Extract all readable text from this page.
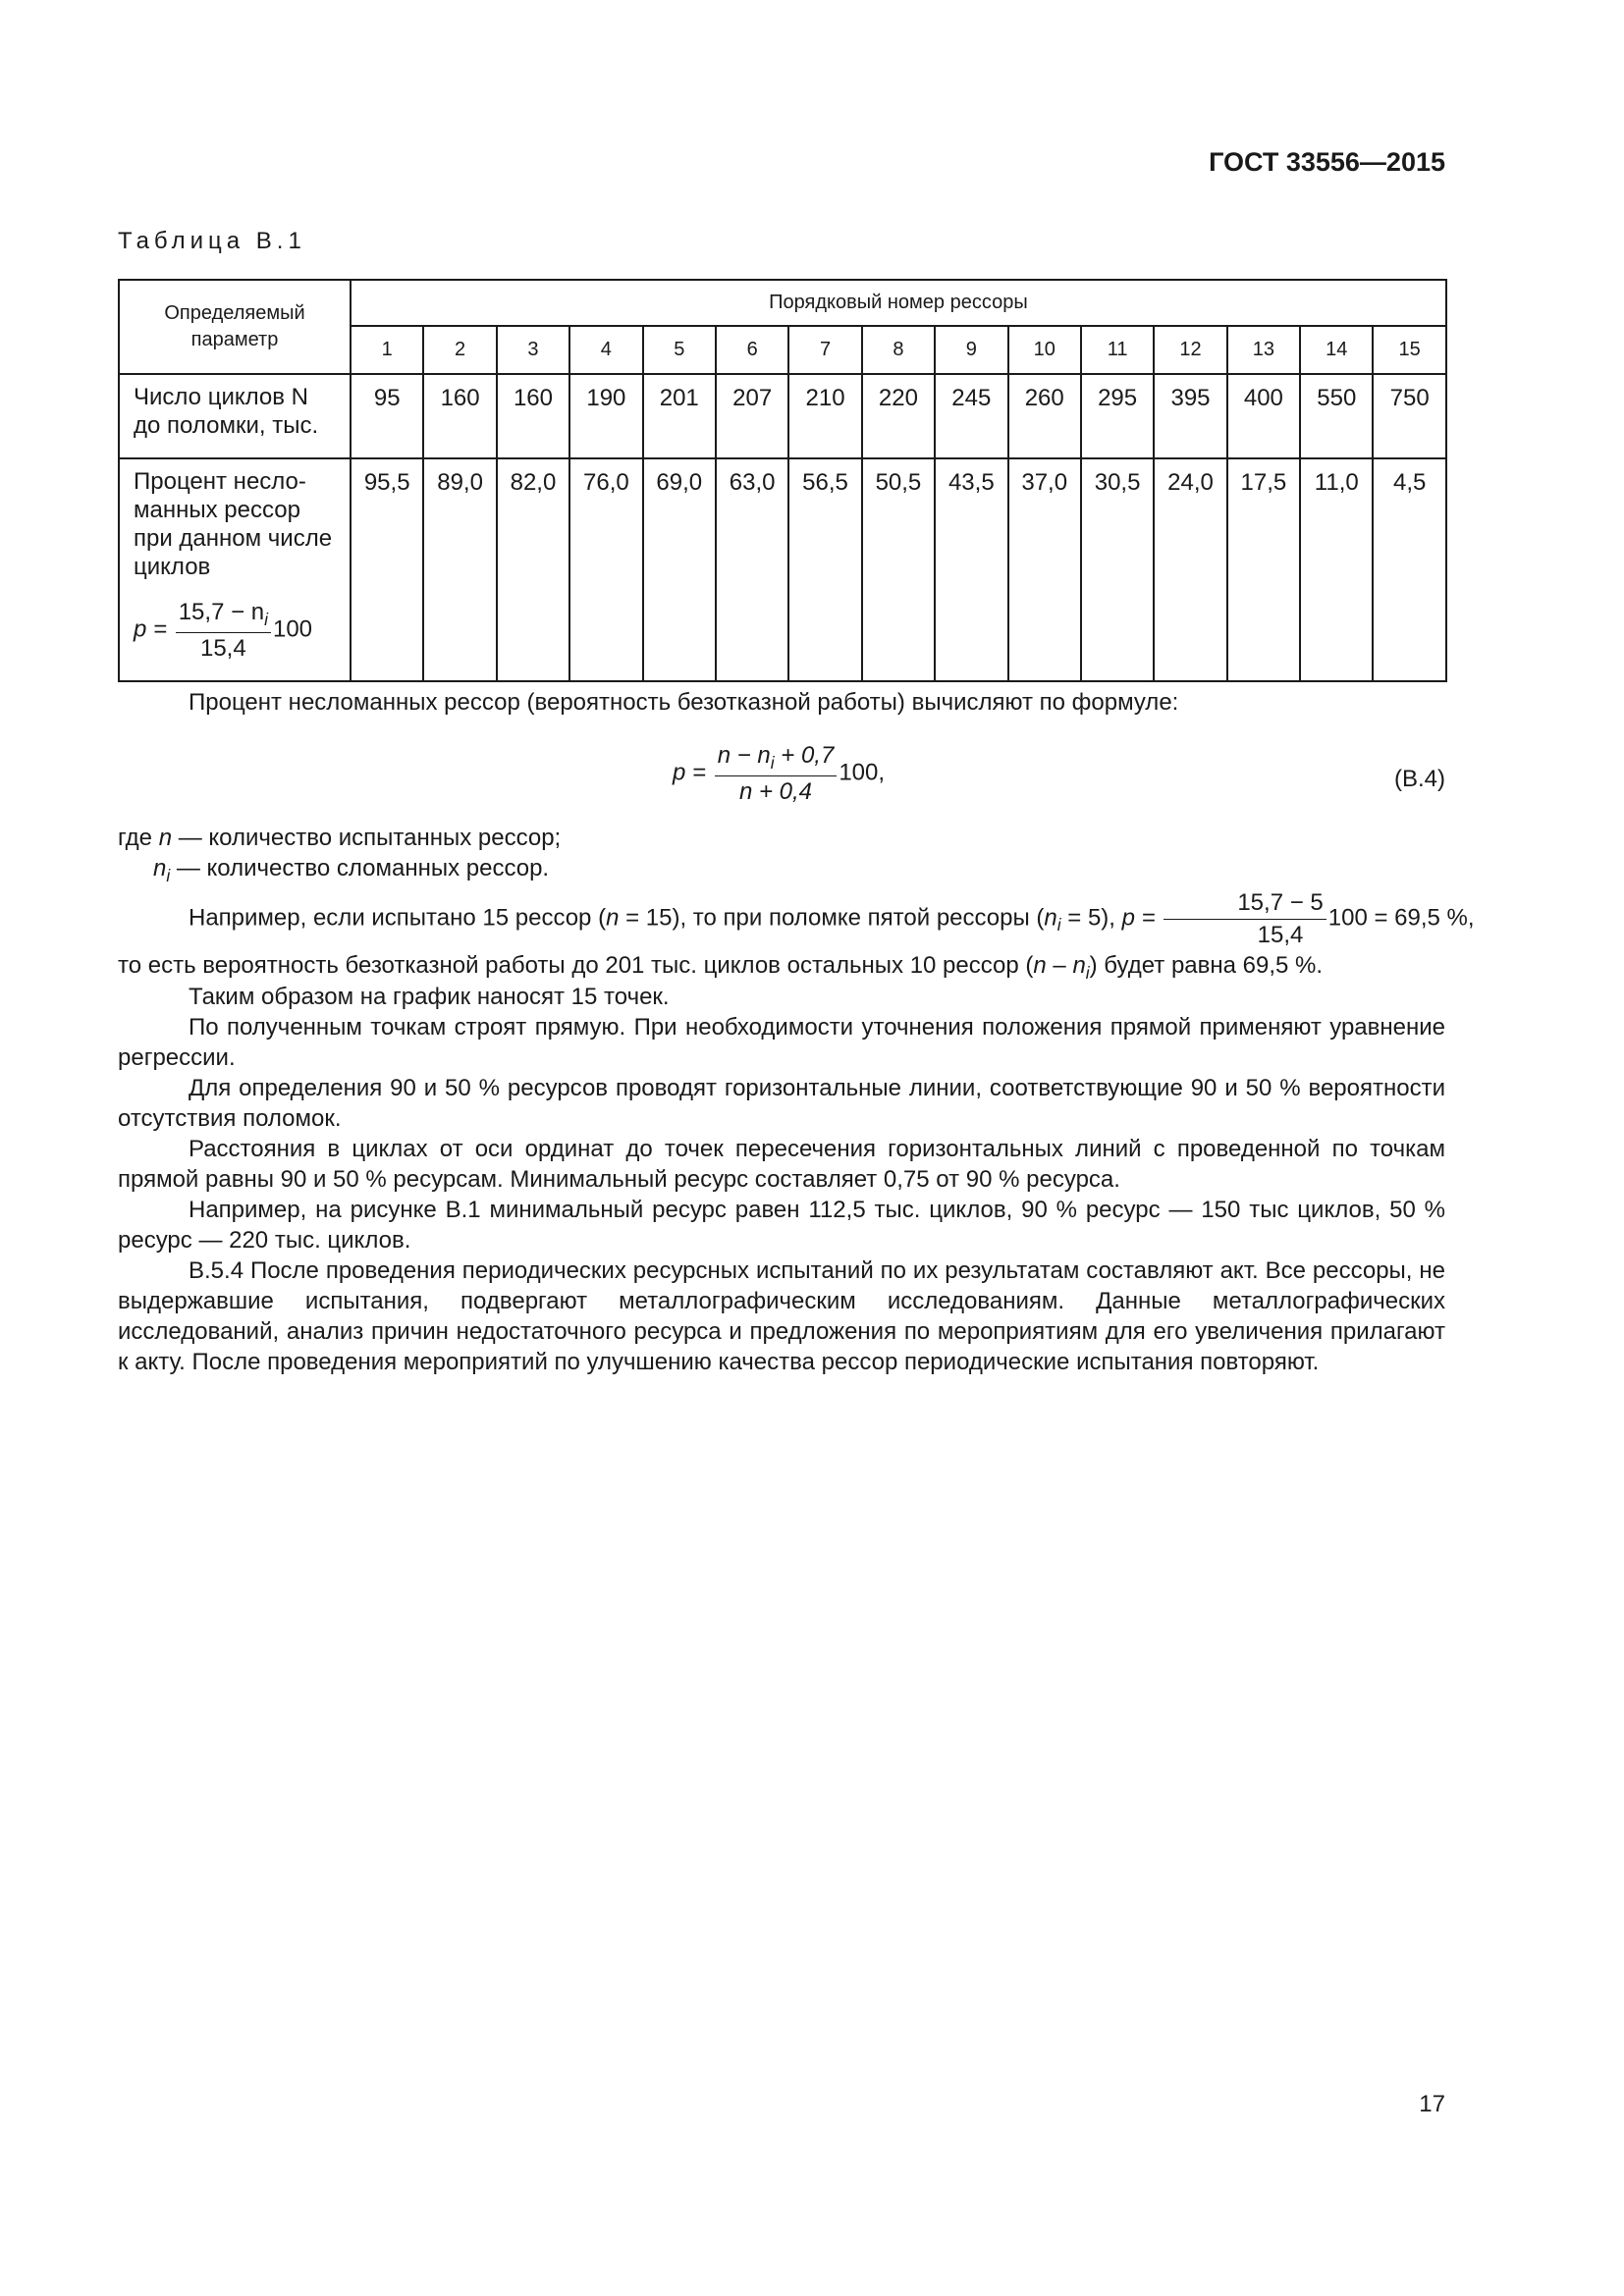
ГОСТ 33556—2015
Таблица В.1
Определяемый параметр	Порядковый номер рессоры														
	1	2	3	4	5	6	7	8	9	10	11	12	13	14	15
Число циклов N до поломки, тыс.	95	160	160	190	201	207	210	220	245	260	295	395	400	550	750

Процент несло-манных рессор при данном числе циклов
$p = \frac{15,7 - n_i}{15,4} 100$	95,5	89,0	82,0	76,0	69,0	63,0	56,5	50,5	43,5	37,0	30,5	24,0	17,5	11,0	4,5

Процент несломанных рессор (вероятность безотказной работы) вычисляют по формуле:

$p = \frac{n - n_i + 0,7}{n + 0,4} 100$,	(В.4)

где n — количество испытанных рессор;

$n_i$ — количество сломанных рессор.

Например, если испытано 15 рессор (n = 15), то при поломке пятой рессоры $(n_i = 5)$, $p = \frac{15,7 - 5}{15,4} 100 = 69,5$ %,

то есть вероятность безотказной работы до 201 тыс. циклов остальных 10 рессор $(n - n_i)$ будет равна 69,5 %.

Таким образом на график наносят 15 точек.

По полученным точкам строят прямую. При необходимости уточнения положения прямой применяют уравнение регрессии.

Для определения 90 и 50 % ресурсов проводят горизонтальные линии, соответствующие 90 и 50 % вероятности отсутствия поломок.

Расстояния в циклах от оси ординат до точек пересечения горизонтальных линий с проведенной по точкам прямой равны 90 и 50 % ресурсам. Минимальный ресурс составляет 0,75 от 90 % ресурса.

Например, на рисунке В.1 минимальный ресурс равен 112,5 тыс. циклов, 90 % ресурс — 150 тыс циклов, 50 % ресурс — 220 тыс. циклов.

В.5.4 После проведения периодических ресурсных испытаний по их результатам составляют акт. Все рессоры, не выдержавшие испытания, подвергают металлографическим исследованиям. Данные металлографических исследований, анализ причин недостаточного ресурса и предложения по мероприятиям для его увеличения прилагают к акту. После проведения мероприятий по улучшению качества рессор периодические испытания повторяют.

17
